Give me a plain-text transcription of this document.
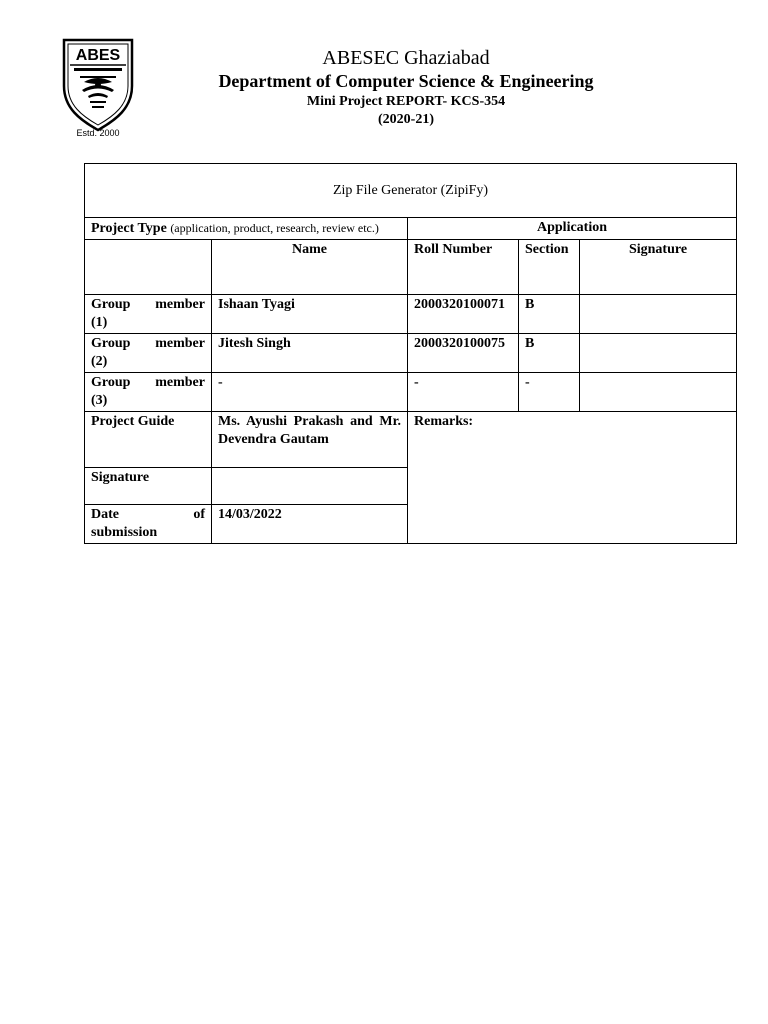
ABES
Estd. 2000
ABESEC Ghaziabad
Department of Computer Science & Engineering
Mini Project REPORT- KCS-354
(2020-21)
Zip File Generator (ZipiFy)				
Project Type (application, product, research, review etc.)		Application		
	Name	Roll Number	Section	Signature

Group member
(1)	Ishaan Tyagi	2000320100071	B	

Group member
(2)	Jitesh Singh	2000320100075	B	

Group member
(3)	-	-	-	
Project Guide	Ms. Ayushi Prakash and Mr. Devendra Gautam	Remarks:		
Signature				

Date of
submission	14/03/2022			
